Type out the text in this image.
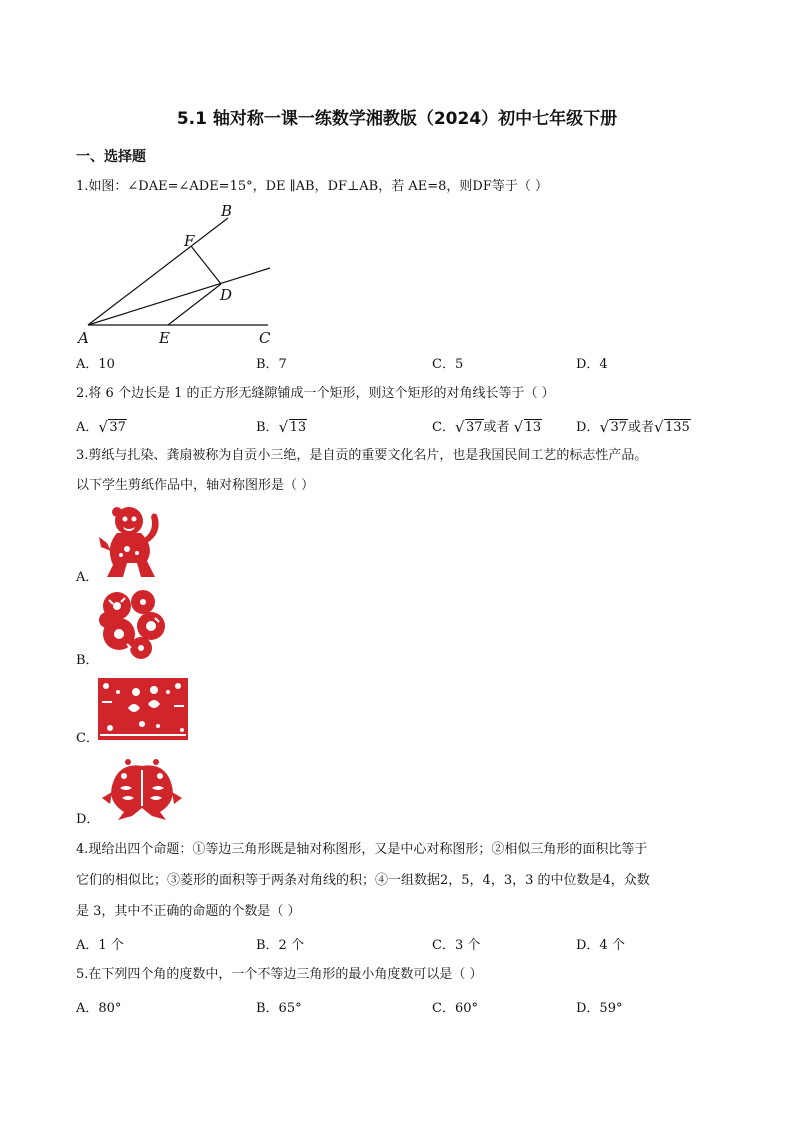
5.1 轴对称一课一练数学湘教版（2024）初中七年级下册
一、选择题
1.如图：∠DAE=∠ADE=15°，DE ∥AB，DF⊥AB，若 AE=8，则DF等于（ ）
A
B
C
D
E
F
A．10	B．7	C．5	D．4
2.将 6 个边长是 1 的正方形无缝隙铺成一个矩形，则这个矩形的对角线长等于（ ）
A． √ 37	B． √ 13	C． √ 37或者 √ 13	D． √ 37或者 √ 135
3.剪纸与扎染、龚扇被称为自贡小三绝，是自贡的重要文化名片，也是我国民间工艺的标志性产品。
以下学生剪纸作品中，轴对称图形是（ ）
A．
B．
C．
D．
4.现给出四个命题：①等边三角形既是轴对称图形，又是中心对称图形；②相似三角形的面积比等于
它们的相似比；③菱形的面积等于两条对角线的积；④一组数据2，5，4，3，3 的中位数是4，众数
是 3，其中不正确的命题的个数是（ ）
A．1 个	B．2 个	C．3 个	D．4 个
5.在下列四个角的度数中，一个不等边三角形的最小角度数可以是（ ）
A．80°	B．65°	C．60°	D．59°
